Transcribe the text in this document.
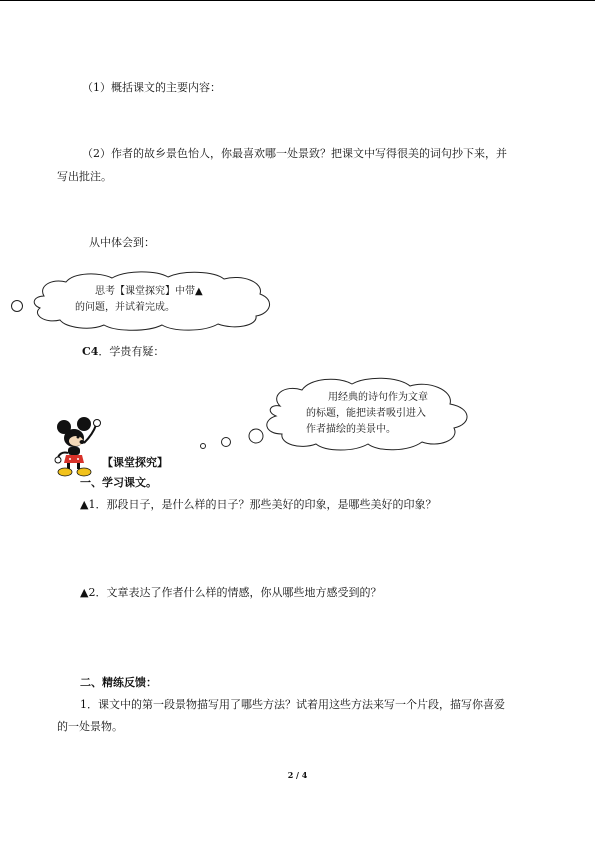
（1）概括课文的主要内容：
（2）作者的故乡景色怡人，你最喜欢哪一处景致？把课文中写得很美的词句抄下来，并
写出批注。
从中体会到：
思考【课堂探究】中带▲
的问题，并试着完成。
C4．学贵有疑：
用经典的诗句作为文章
的标题，能把读者吸引进入
作者描绘的美景中。
【课堂探究】
一、学习课文。
▲1．那段日子，是什么样的日子？那些美好的印象，是哪些美好的印象？
▲2．文章表达了作者什么样的情感，你从哪些地方感受到的？
二、精练反馈：
1．课文中的第一段景物描写用了哪些方法？试着用这些方法来写一个片段，描写你喜爱
的一处景物。
2 / 4
